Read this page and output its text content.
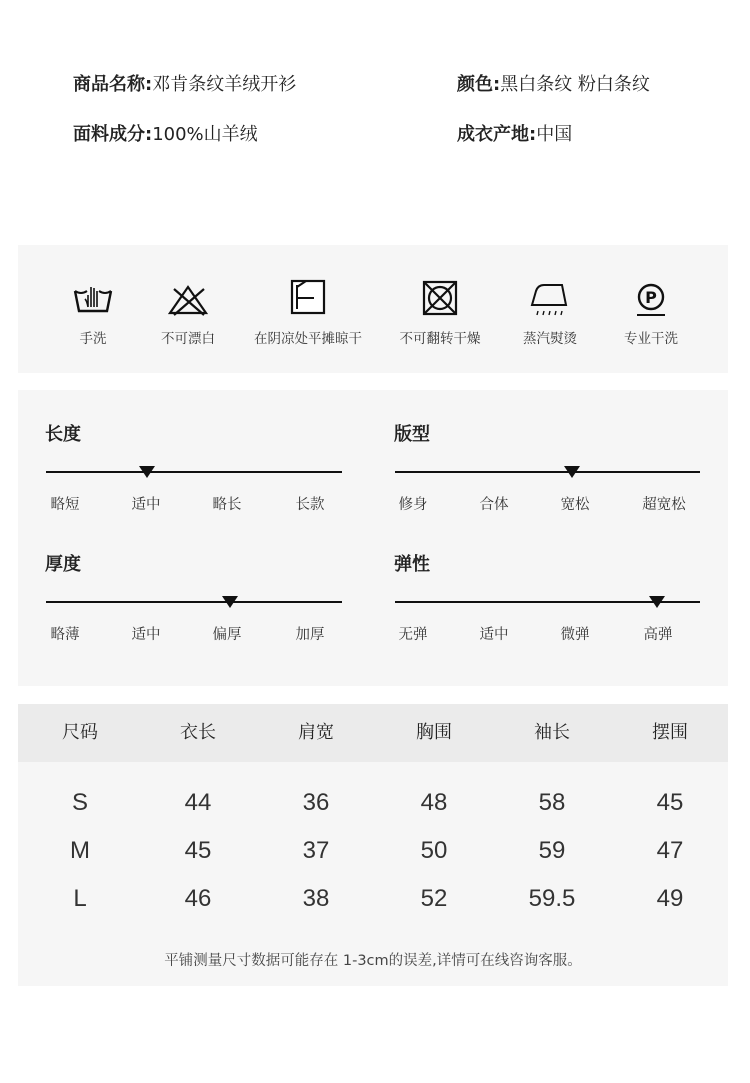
商品名称:邓肯条纹羊绒开衫	颜色:黑白条纹 粉白条纹
面料成分:100%山羊绒	成衣产地:中国
手洗	不可漂白	在阴凉处平摊晾干	不可翻转干燥	蒸汽熨烫
P
专业干洗
长度
略短	适中	略长	长款
版型
修身	合体	宽松	超宽松
厚度
略薄	适中	偏厚	加厚
弹性
无弹	适中	微弹	高弹
尺码	衣长	肩宽	胸围	袖长	摆围
S	44	36	48	58	45
M	45	37	50	59	47
L	46	38	52	59.5	49
平铺测量尺寸数据可能存在 1-3cm的误差,详情可在线咨询客服。
